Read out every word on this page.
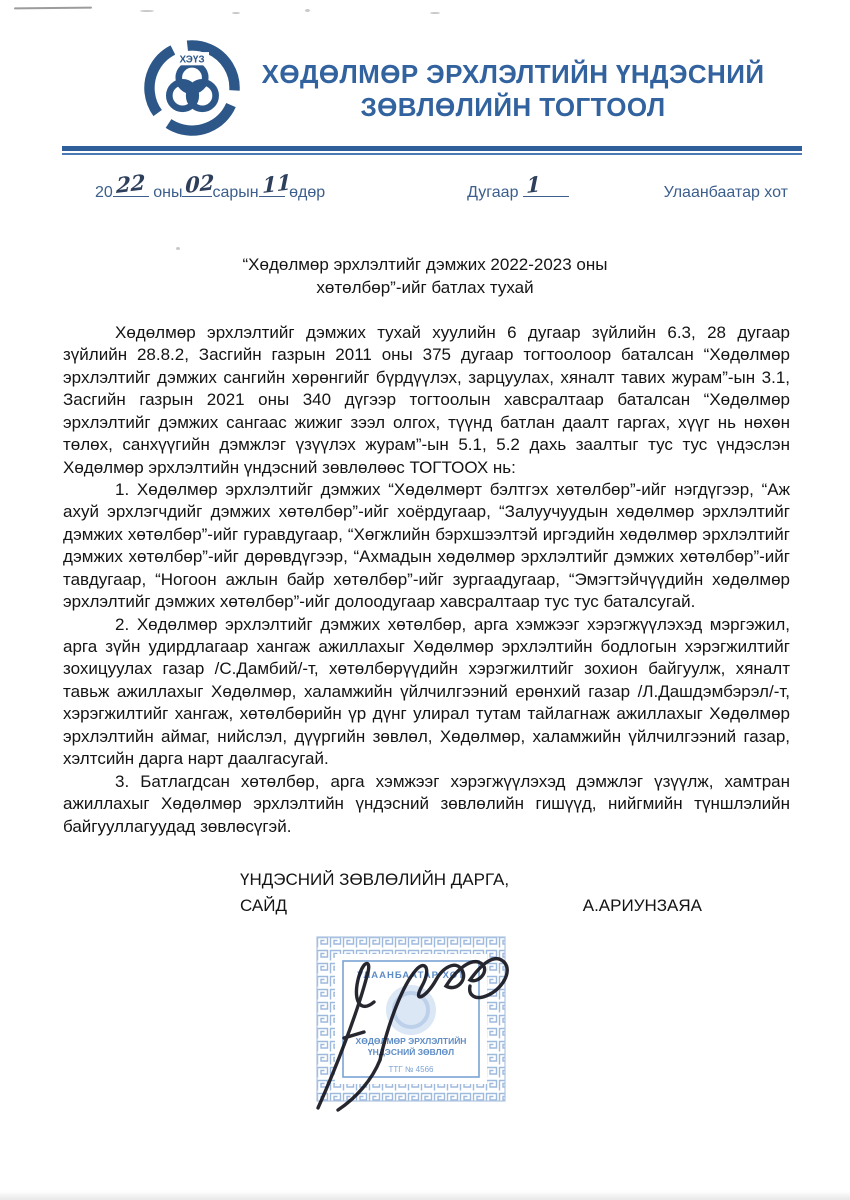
ХЭҮЗ	ХӨДӨЛМӨР ЭРХЛЭЛТИЙН ҮНДЭСНИЙ
ЗӨВЛӨЛИЙН ТОГТООЛ
20 22 оны 02
сарын 11
өдөр	Дугаар 1	Улаанбаатар хот
“Хөдөлмөр эрхлэлтийг дэмжих 2022-2023 оны
хөтөлбөр”-ийг батлах тухай

Хөдөлмөр эрхлэлтийг дэмжих тухай хуулийн 6 дугаар зүйлийн 6.3, 28 дугаар зүйлийн 28.8.2, Засгийн газрын 2011 оны 375 дугаар тогтоолоор баталсан “Хөдөлмөр эрхлэлтийг дэмжих сангийн хөрөнгийг бүрдүүлэх, зарцуулах, хяналт тавих журам”-ын 3.1, Засгийн газрын 2021 оны 340 дүгээр тогтоолын хавсралтаар баталсан “Хөдөлмөр эрхлэлтийг дэмжих сангаас жижиг зээл олгох, түүнд батлан даалт гаргах, хүүг нь нөхөн төлөх, санхүүгийн дэмжлэг үзүүлэх журам”-ын 5.1, 5.2 дахь заалтыг тус тус үндэслэн Хөдөлмөр эрхлэлтийн үндэсний зөвлөлөөс ТОГТООХ нь:

1. Хөдөлмөр эрхлэлтийг дэмжих “Хөдөлмөрт бэлтгэх хөтөлбөр”-ийг нэгдүгээр, “Аж ахуй эрхлэгчдийг дэмжих хөтөлбөр”-ийг хоёрдугаар, “Залуучуудын хөдөлмөр эрхлэлтийг дэмжих хөтөлбөр”-ийг гуравдугаар, “Хөгжлийн бэрхшээлтэй иргэдийн хөдөлмөр эрхлэлтийг дэмжих хөтөлбөр”-ийг дөрөвдүгээр, “Ахмадын хөдөлмөр эрхлэлтийг дэмжих хөтөлбөр”-ийг тавдугаар, “Ногоон ажлын байр хөтөлбөр”-ийг зургаадугаар, “Эмэгтэйчүүдийн хөдөлмөр эрхлэлтийг дэмжих хөтөлбөр”-ийг долоодугаар хавсралтаар тус тус баталсугай.

2. Хөдөлмөр эрхлэлтийг дэмжих хөтөлбөр, арга хэмжээг хэрэгжүүлэхэд мэргэжил, арга зүйн удирдлагаар хангаж ажиллахыг Хөдөлмөр эрхлэлтийн бодлогын хэрэгжилтийг зохицуулах газар /С.Дамбий/-т, хөтөлбөрүүдийн хэрэгжилтийг зохион байгуулж, хяналт тавьж ажиллахыг Хөдөлмөр, халамжийн үйлчилгээний ерөнхий газар /Л.Дашдэмбэрэл/-т, хэрэгжилтийг хангаж, хөтөлбөрийн үр дүнг улирал тутам тайлагнаж ажиллахыг Хөдөлмөр эрхлэлтийн аймаг, нийслэл, дүүргийн зөвлөл, Хөдөлмөр, халамжийн үйлчилгээний газар, хэлтсийн дарга нарт даалгасугай.

3. Батлагдсан хөтөлбөр, арга хэмжээг хэрэгжүүлэхэд дэмжлэг үзүүлж, хамтран ажиллахыг Хөдөлмөр эрхлэлтийн үндэсний зөвлөлийн гишүүд, нийгмийн түншлэлийн байгууллагуудад зөвлөсүгэй.

ҮНДЭСНИЙ ЗӨВЛӨЛИЙН ДАРГА,
САЙД	А.АРИУНЗАЯА
УЛААНБААТАР ХОТ
ХӨДӨЛМӨР ЭРХЛЭЛТИЙН
ҮНДЭСНИЙ ЗӨВЛӨЛ
ТТГ № 4566
